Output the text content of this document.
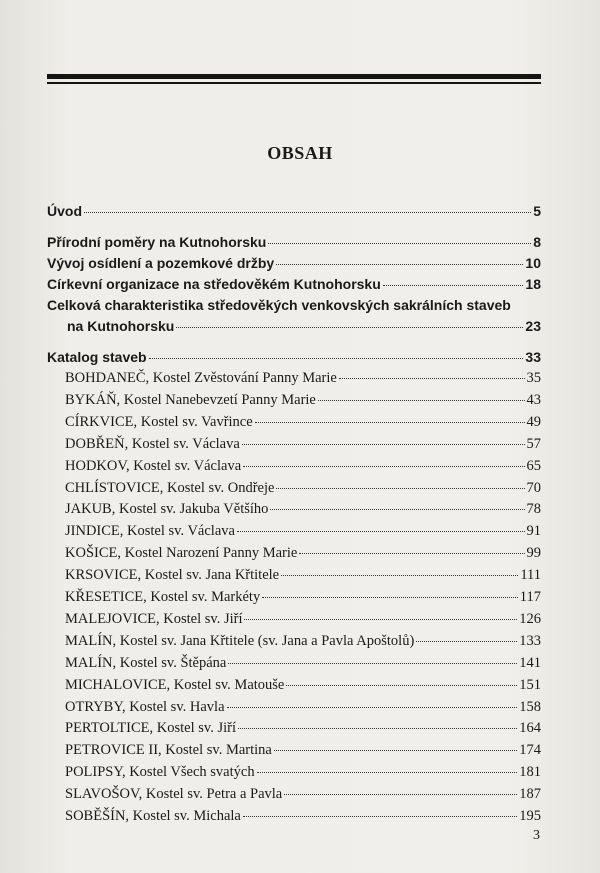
OBSAH
Úvod	5
Přírodní poměry na Kutnohorsku	8
Vývoj osídlení a pozemkové držby	10
Církevní organizace na středověkém Kutnohorsku	18
Celková charakteristika středověkých venkovských sakrálních staveb
na Kutnohorsku	23
Katalog staveb	33
BOHDANEČ, Kostel Zvěstování Panny Marie	35
BYKÁŇ, Kostel Nanebevzetí Panny Marie	43
CÍRKVICE, Kostel sv. Vavřince	49
DOBŘEŇ, Kostel sv. Václava	57
HODKOV, Kostel sv. Václava	65
CHLÍSTOVICE, Kostel sv. Ondřeje	70
JAKUB, Kostel sv. Jakuba Většího	78
JINDICE, Kostel sv. Václava	91
KOŠICE, Kostel Narození Panny Marie	99
KRSOVICE, Kostel sv. Jana Křtitele	111
KŘESETICE, Kostel sv. Markéty	117
MALEJOVICE, Kostel sv. Jiří	126
MALÍN, Kostel sv. Jana Křtitele (sv. Jana a Pavla Apoštolů)	133
MALÍN, Kostel sv. Štěpána	141
MICHALOVICE, Kostel sv. Matouše	151
OTRYBY, Kostel sv. Havla	158
PERTOLTICE, Kostel sv. Jiří	164
PETROVICE II, Kostel sv. Martina	174
POLIPSY, Kostel Všech svatých	181
SLAVOŠOV, Kostel sv. Petra a Pavla	187
SOBĚŠÍN, Kostel sv. Michala	195
3
